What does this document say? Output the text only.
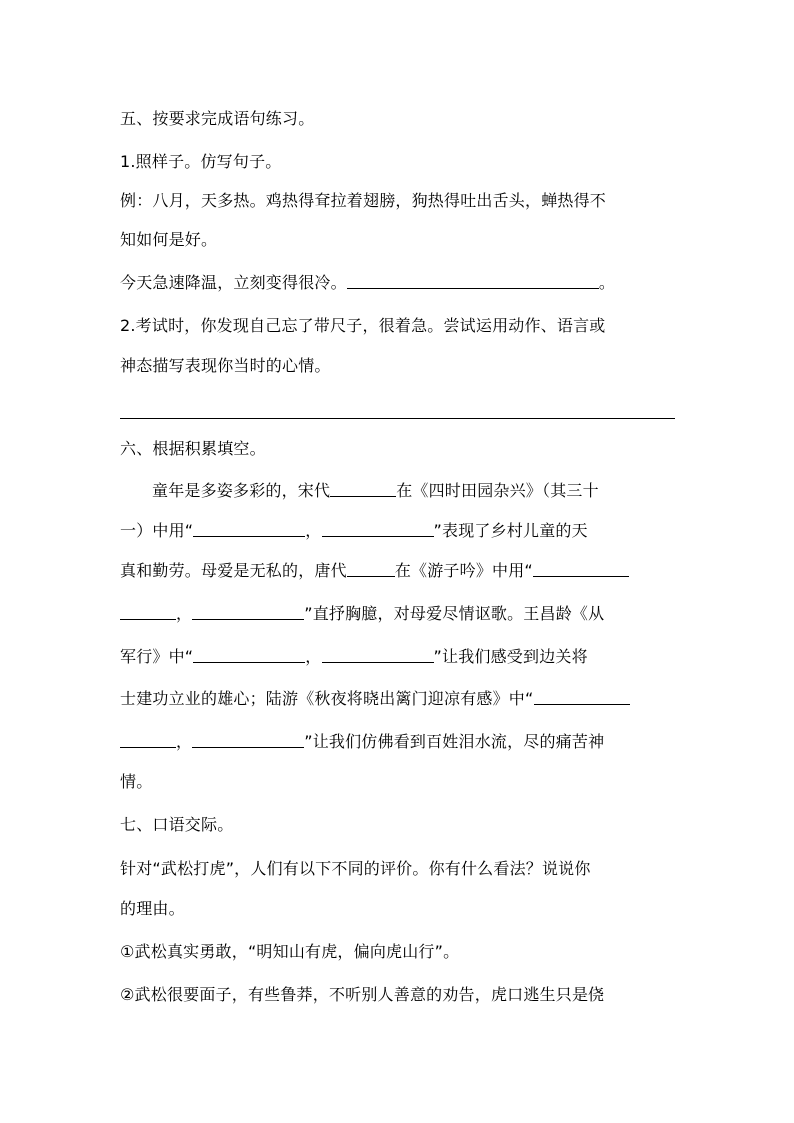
五、按要求完成语句练习。
1.照样子。仿写句子。
例：八月，天多热。鸡热得耷拉着翅膀，狗热得吐出舌头，蝉热得不
知如何是好。
今天急速降温，立刻变得很冷。	。
2.考试时，你发现自己忘了带尺子，很着急。尝试运用动作、语言或
神态描写表现你当时的心情。
六、根据积累填空。
童年是多姿多彩的，宋代	在《四时田园杂兴》（其三十
一）中用“	，	”表现了乡村儿童的天
真和勤劳。母爱是无私的，唐代	在《游子吟》中用“
，	”直抒胸臆，对母爱尽情讴歌。王昌龄《从
军行》中“	，	”让我们感受到边关将
士建功立业的雄心；陆游《秋夜将晓出篱门迎凉有感》中“
，	”让我们仿佛看到百姓泪水流，尽的痛苦神
情。
七、口语交际。
针对“武松打虎”，人们有以下不同的评价。你有什么看法？说说你
的理由。
①武松真实勇敢，“明知山有虎，偏向虎山行”。
②武松很要面子，有些鲁莽，不听别人善意的劝告，虎口逃生只是侥
